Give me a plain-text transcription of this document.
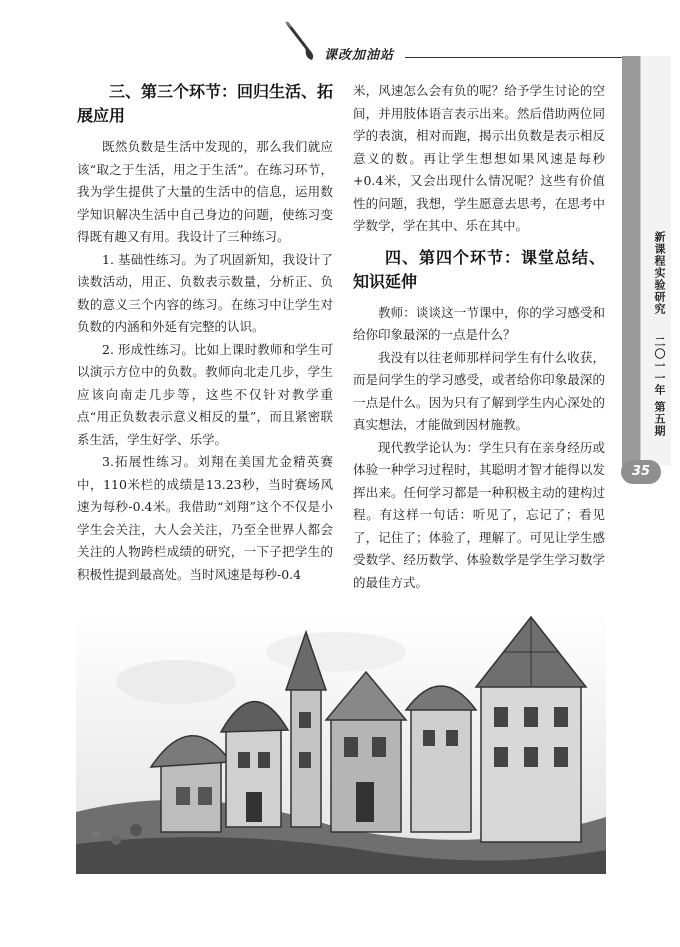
课改加油站
新课程实验研究
二〇一一年 第五期
35
三、第三个环节：回归生活、拓展应用

既然负数是生活中发现的，那么我们就应该“取之于生活，用之于生活”。在练习环节，我为学生提供了大量的生活中的信息，运用数学知识解决生活中自己身边的问题，使练习变得既有趣又有用。我设计了三种练习。

1. 基础性练习。为了巩固新知，我设计了读数活动，用正、负数表示数量，分析正、负数的意义三个内容的练习。在练习中让学生对负数的内涵和外延有完整的认识。

2. 形成性练习。比如上课时教师和学生可以演示方位中的负数。教师向北走几步，学生应该向南走几步等，这些不仅针对教学重点“用正负数表示意义相反的量”，而且紧密联系生活，学生好学、乐学。

3.拓展性练习。刘翔在美国尤金精英赛中，110米栏的成绩是13.23秒，当时赛场风速为每秒-0.4米。我借助“刘翔”这个不仅是小学生会关注，大人会关注，乃至全世界人都会关注的人物跨栏成绩的研究，一下子把学生的积极性提到最高处。当时风速是每秒-0.4

米，风速怎么会有负的呢？给予学生讨论的空间，并用肢体语言表示出来。然后借助两位同学的表演，相对而跑，揭示出负数是表示相反意义的数。再让学生想想如果风速是每秒+0.4米，又会出现什么情况呢？这些有价值性的问题，我想，学生愿意去思考，在思考中学数学，学在其中、乐在其中。

四、第四个环节：课堂总结、知识延伸

教师：谈谈这一节课中，你的学习感受和给你印象最深的一点是什么？

我没有以往老师那样问学生有什么收获，而是问学生的学习感受，或者给你印象最深的一点是什么。因为只有了解到学生内心深处的真实想法，才能做到因材施教。

现代教学论认为：学生只有在亲身经历或体验一种学习过程时，其聪明才智才能得以发挥出来。任何学习都是一种积极主动的建构过程。有这样一句话：听见了，忘记了；看见了，记住了；体验了，理解了。可见让学生感受数学、经历数学、体验数学是学生学习数学的最佳方式。
